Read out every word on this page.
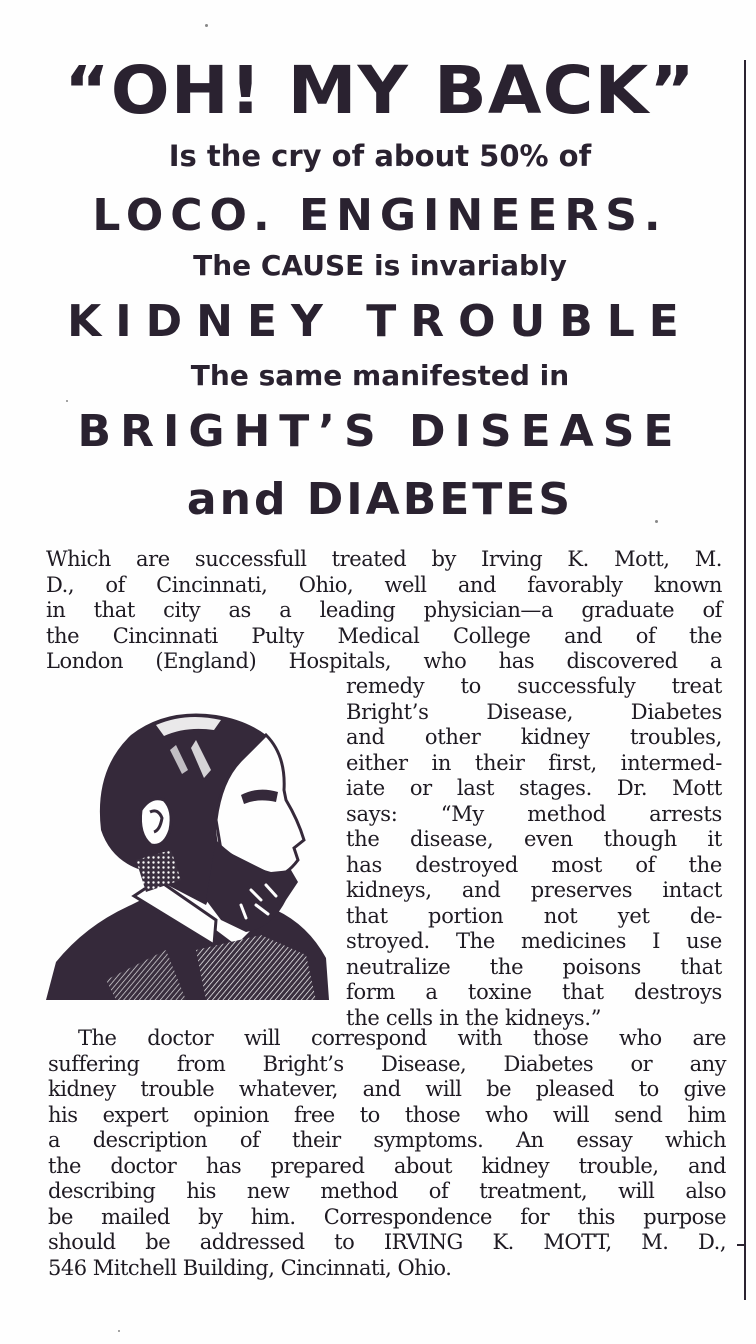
“OH! MY BACK”
Is the cry of about 50% of
LOCO. ENGINEERS.
The CAUSE is invariably
KIDNEY TROUBLE
The same manifested in
BRIGHT’S DISEASE
and DIABETES
Which are successfull treated by Irving K. Mott, M.
D., of Cincinnati, Ohio, well and favorably known
in that city as a leading physician—a graduate of
the Cincinnati Pulty Medical College and of the
London (England) Hospitals, who has discovered a
remedy to successfuly treat
Bright’s Disease, Diabetes
and other kidney troubles,
either in their first, intermed-
iate or last stages. Dr. Mott
says: “My method arrests
the disease, even though it
has destroyed most of the
kidneys, and preserves intact
that portion not yet de-
stroyed. The medicines I use
neutralize the poisons that
form a toxine that destroys
the cells in the kidneys.”
The doctor will correspond with those who are
suffering from Bright’s Disease, Diabetes or any
kidney trouble whatever, and will be pleased to give
his expert opinion free to those who will send him
a description of their symptoms. An essay which
the doctor has prepared about kidney trouble, and
describing his new method of treatment, will also
be mailed by him. Correspondence for this purpose
should be addressed to IRVING K. MOTT, M. D.,
546 Mitchell Building, Cincinnati, Ohio.
